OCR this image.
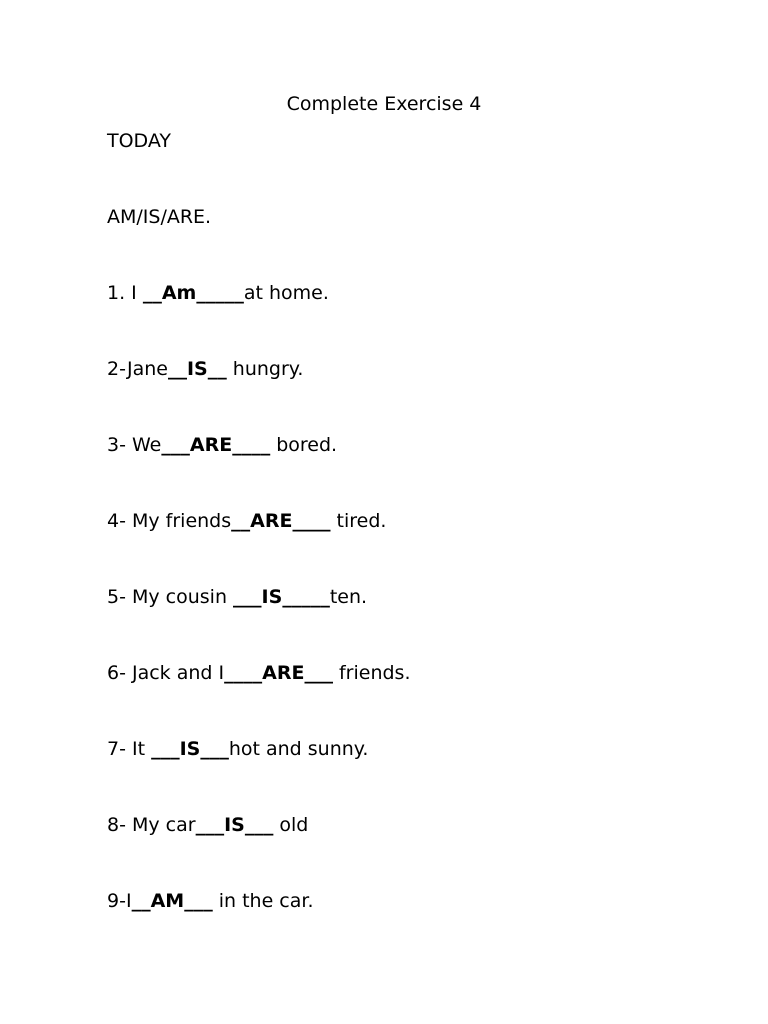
Complete Exercise 4
TODAY
AM/IS/ARE.
1. I __Am_____at home.
2-Jane__IS__ hungry.
3- We___ARE____ bored.
4- My friends__ARE____ tired.
5- My cousin ___IS_____ten.
6- Jack and I____ARE___ friends.
7- It ___IS___hot and sunny.
8- My car___IS___ old
9-I__AM___ in the car.
